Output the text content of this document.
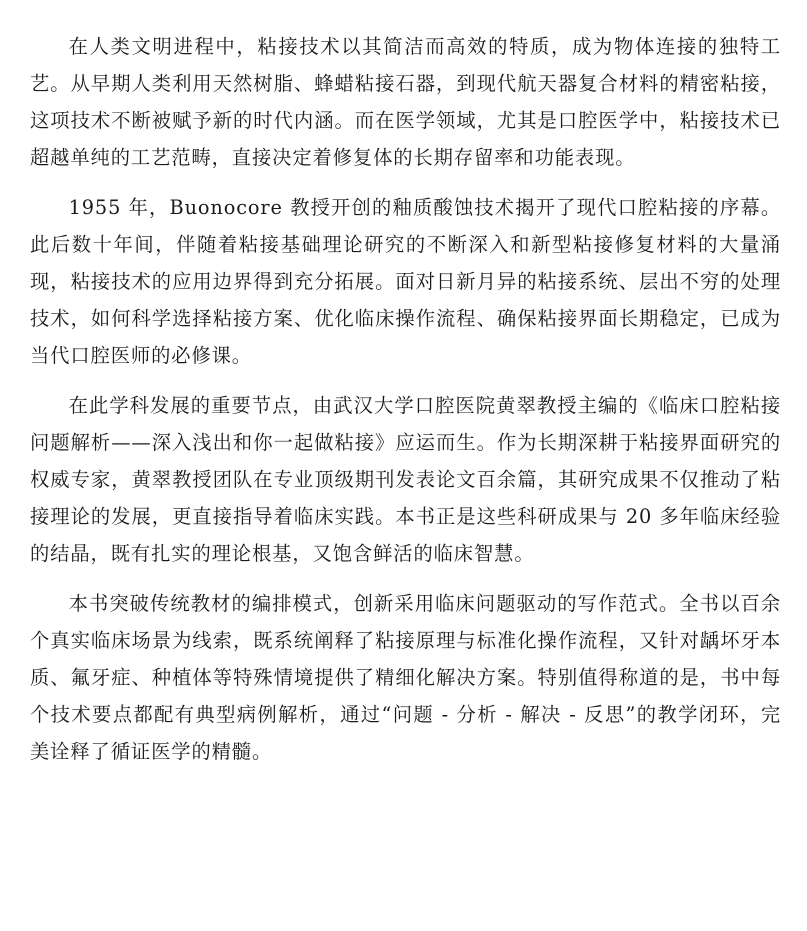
在人类文明进程中，粘接技术以其简洁而高效的特质，成为物体连接的独特工艺。从早期人类利用天然树脂、蜂蜡粘接石器，到现代航天器复合材料的精密粘接，这项技术不断被赋予新的时代内涵。而在医学领域，尤其是口腔医学中，粘接技术已超越单纯的工艺范畴，直接决定着修复体的长期存留率和功能表现。

1955 年，Buonocore 教授开创的釉质酸蚀技术揭开了现代口腔粘接的序幕。此后数十年间，伴随着粘接基础理论研究的不断深入和新型粘接修复材料的大量涌现，粘接技术的应用边界得到充分拓展。面对日新月异的粘接系统、层出不穷的处理技术，如何科学选择粘接方案、优化临床操作流程、确保粘接界面长期稳定，已成为当代口腔医师的必修课。

在此学科发展的重要节点，由武汉大学口腔医院黄翠教授主编的《临床口腔粘接问题解析——深入浅出和你一起做粘接》应运而生。作为长期深耕于粘接界面研究的权威专家，黄翠教授团队在专业顶级期刊发表论文百余篇，其研究成果不仅推动了粘接理论的发展，更直接指导着临床实践。本书正是这些科研成果与 20 多年临床经验的结晶，既有扎实的理论根基，又饱含鲜活的临床智慧。

本书突破传统教材的编排模式，创新采用临床问题驱动的写作范式。全书以百余个真实临床场景为线索，既系统阐释了粘接原理与标准化操作流程，又针对龋坏牙本质、氟牙症、种植体等特殊情境提供了精细化解决方案。特别值得称道的是，书中每个技术要点都配有典型病例解析，通过“问题 - 分析 - 解决 - 反思”的教学闭环，完美诠释了循证医学的精髓。
